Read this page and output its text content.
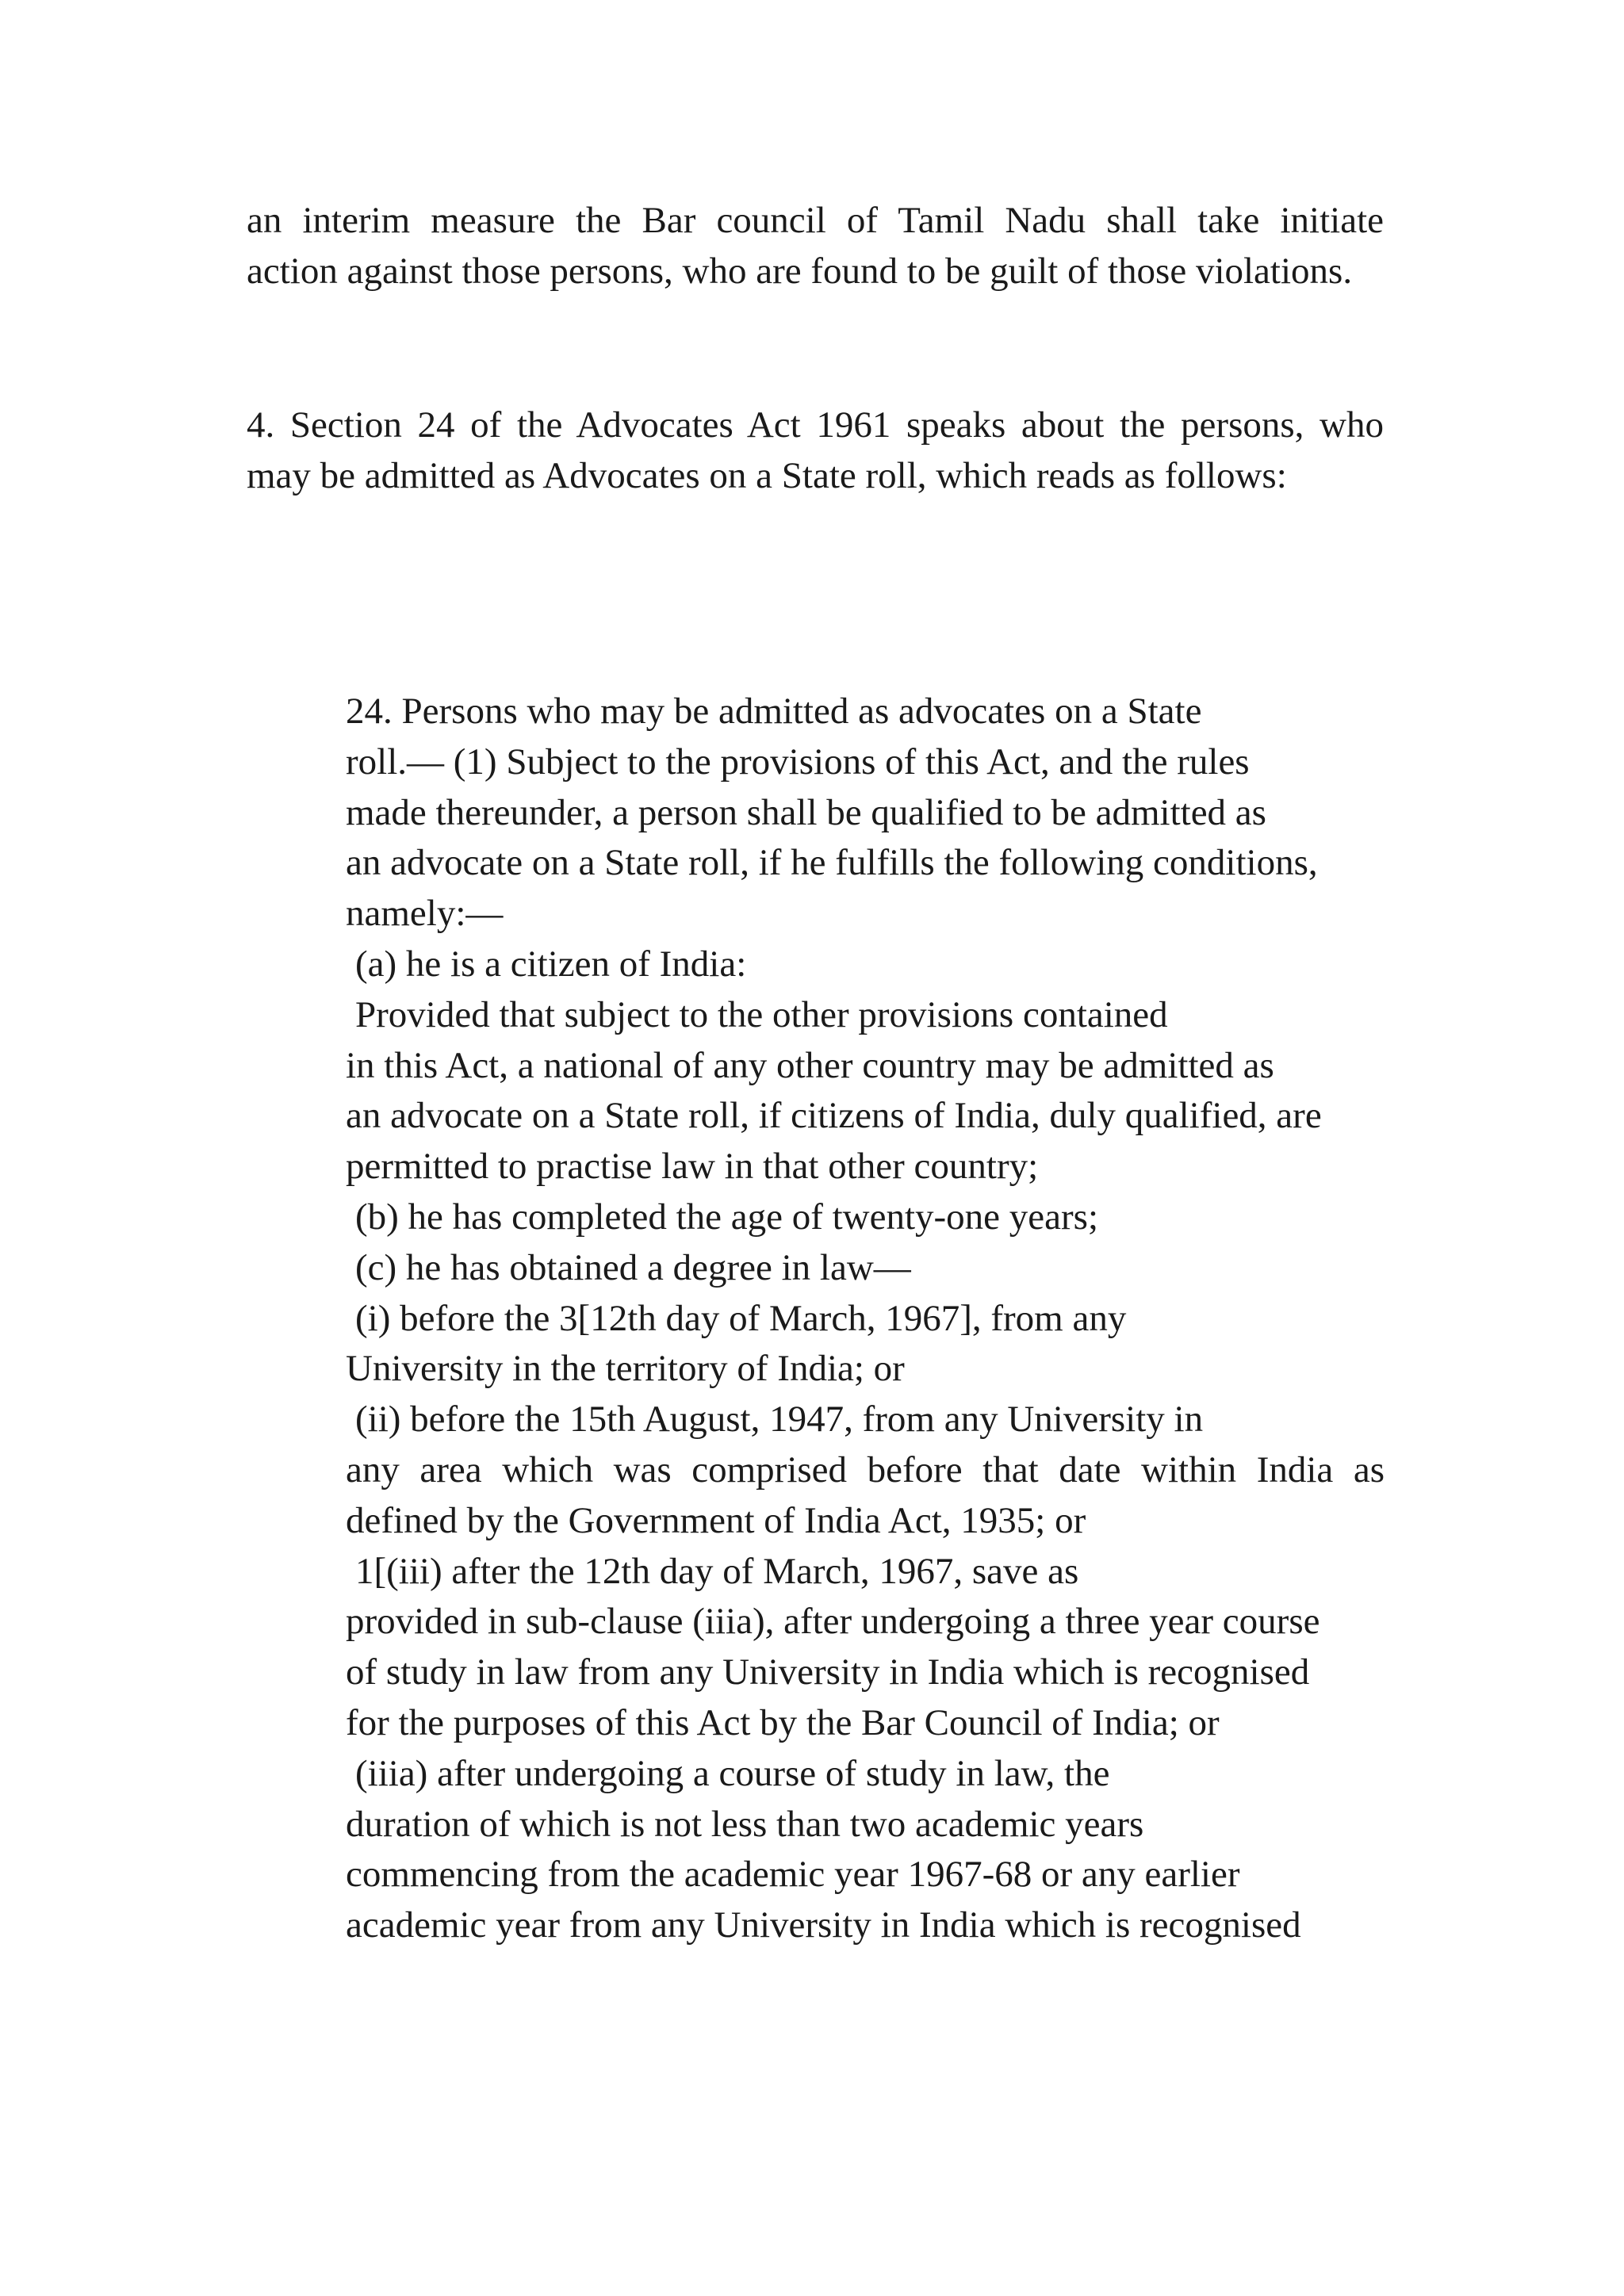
an interim measure the Bar council of Tamil Nadu shall take initiate
action against those persons, who are found to be guilt of those violations.
4. Section 24 of the Advocates Act 1961 speaks about the persons, who
may be admitted as Advocates on a State roll, which reads as follows:
24. Persons who may be admitted as advocates on a State
roll.— (1) Subject to the provisions of this Act, and the rules
made thereunder, a person shall be qualified to be admitted as
an advocate on a State roll, if he fulfills the following conditions,
namely:—
(a) he is a citizen of India:
Provided that subject to the other provisions contained
in this Act, a national of any other country may be admitted as
an advocate on a State roll, if citizens of India, duly qualified, are
permitted to practise law in that other country;
(b) he has completed the age of twenty-one years;
(c) he has obtained a degree in law—
(i) before the 3[12th day of March, 1967], from any
University in the territory of India; or
(ii) before the 15th August, 1947, from any University in
any area which was comprised before that date within India as
defined by the Government of India Act, 1935; or
1[(iii) after the 12th day of March, 1967, save as
provided in sub-clause (iiia), after undergoing a three year course
of study in law from any University in India which is recognised
for the purposes of this Act by the Bar Council of India; or
(iiia) after undergoing a course of study in law, the
duration of which is not less than two academic years
commencing from the academic year 1967-68 or any earlier
academic year from any University in India which is recognised
